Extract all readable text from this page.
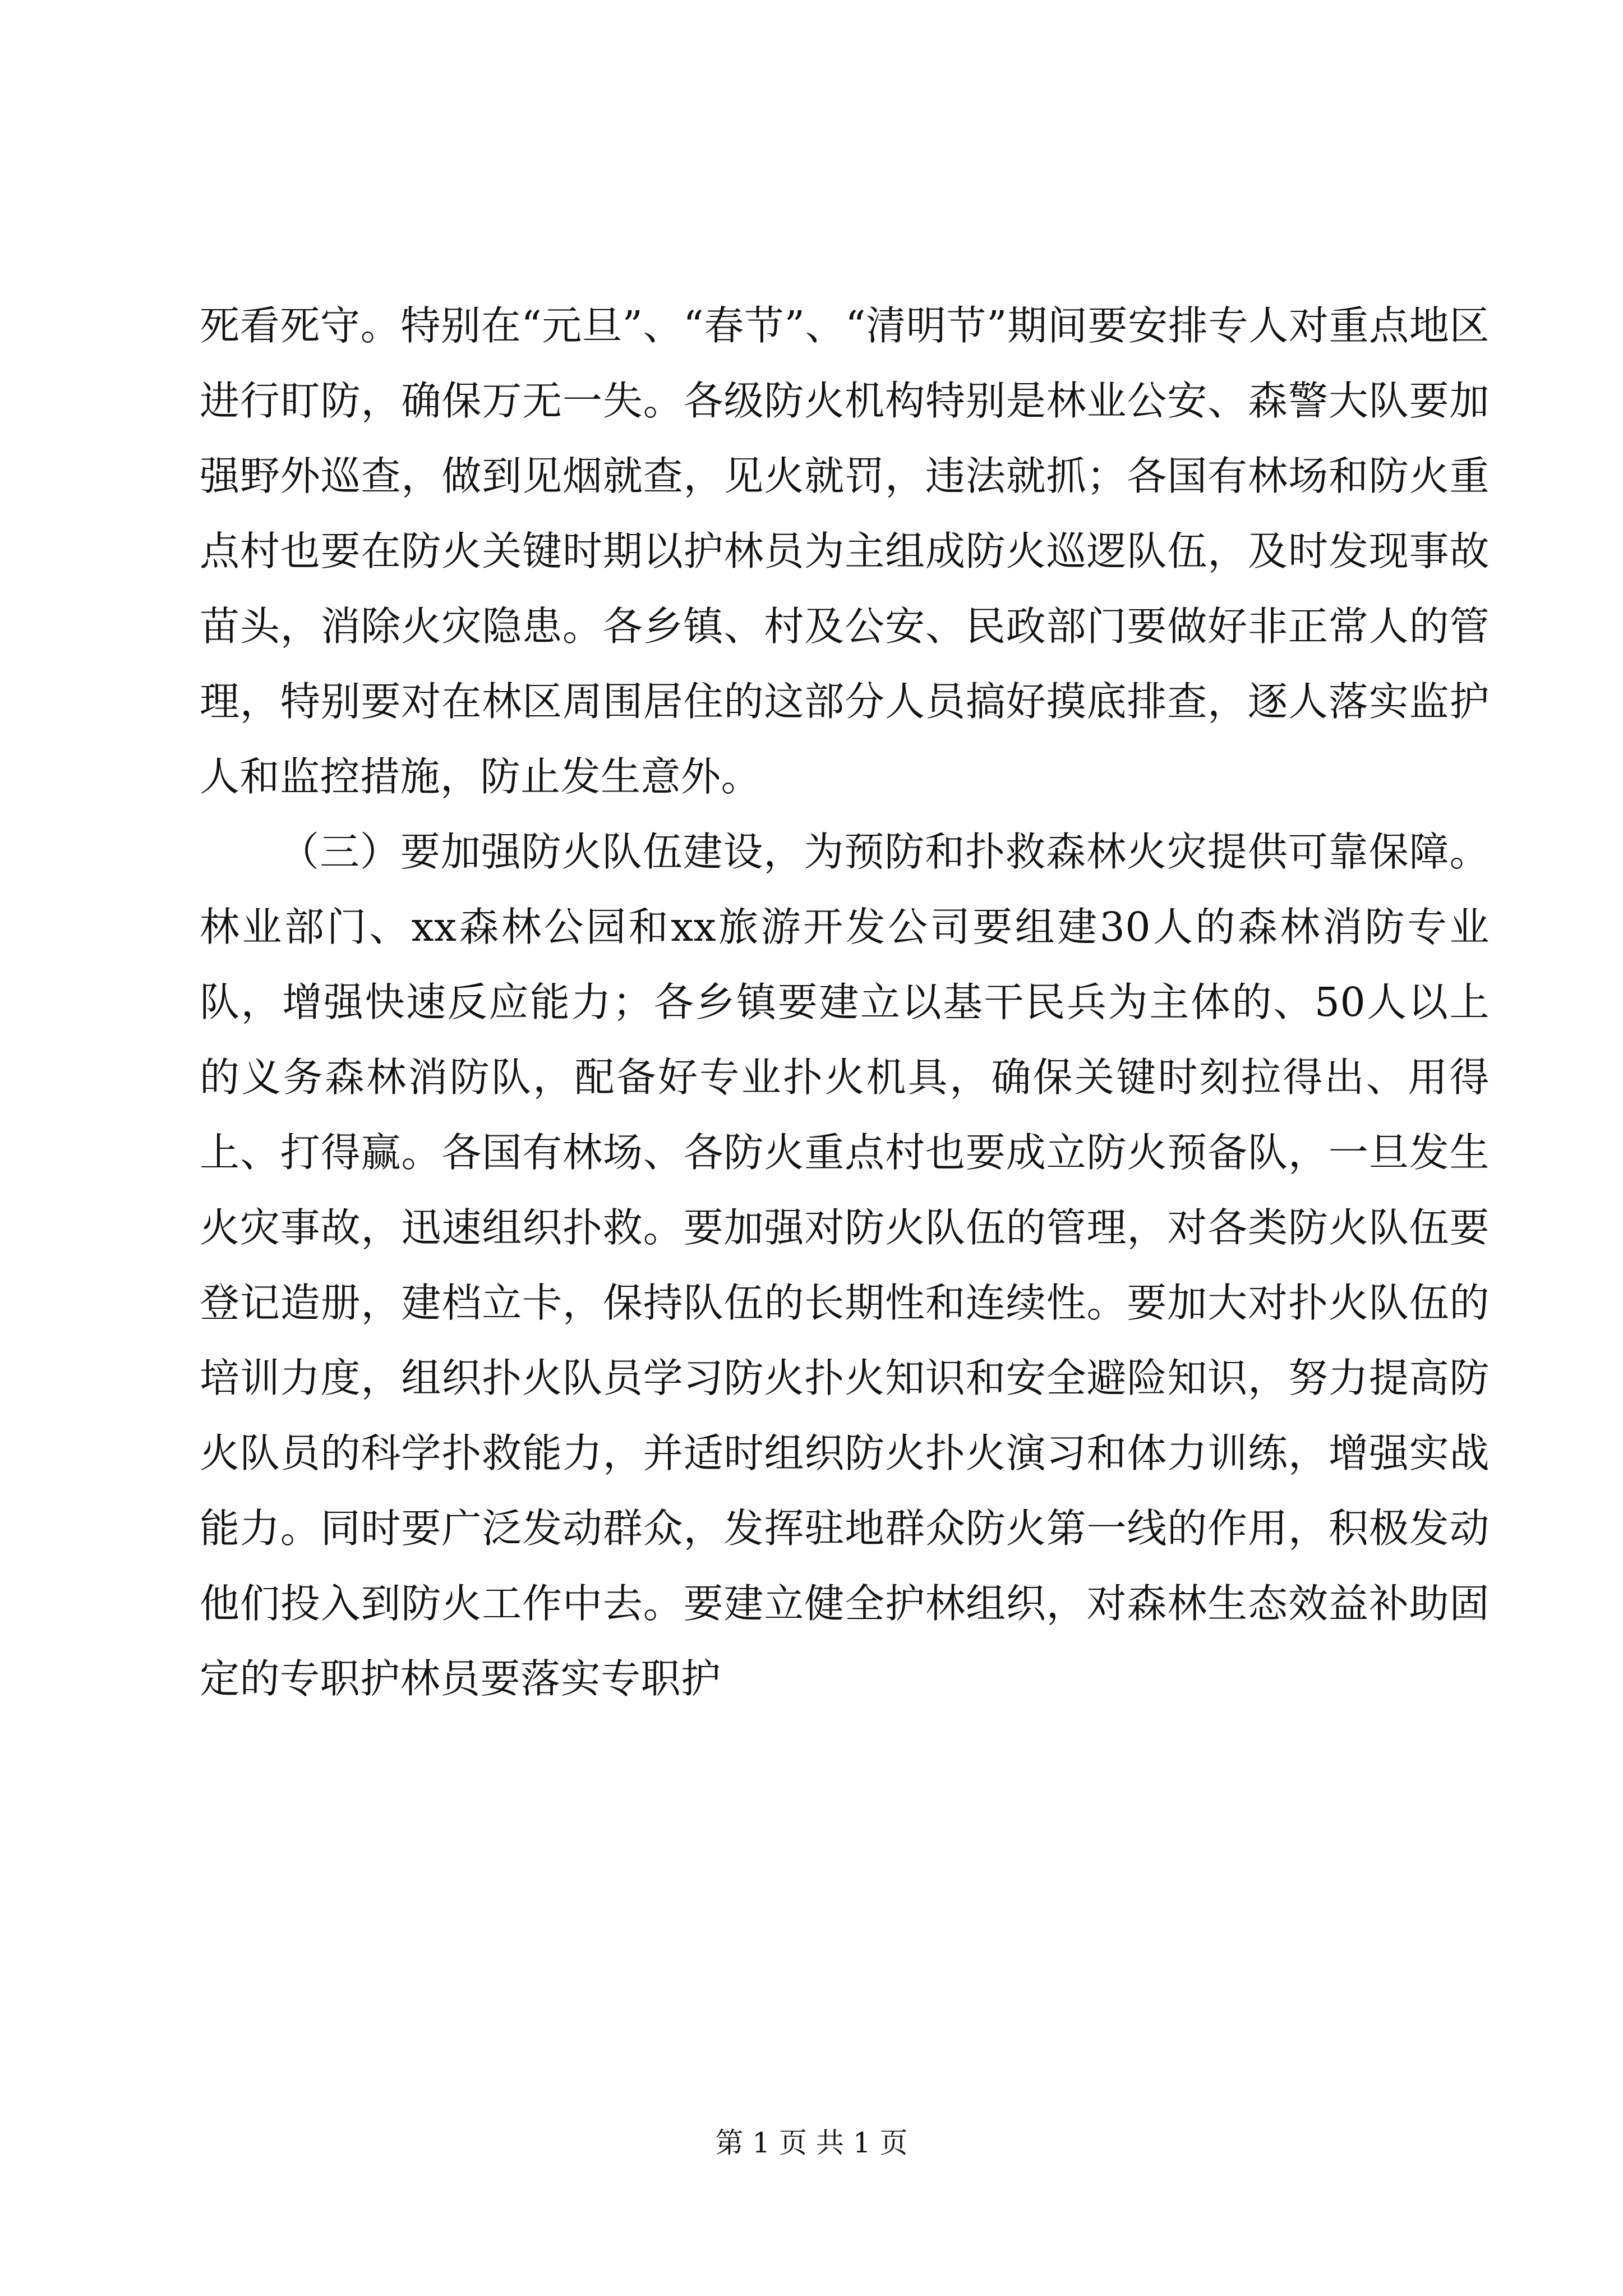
死看死守。特别在“元旦”、“春节”、“清明节”期间要安排专人对重点地区进行盯防，确保万无一失。各级防火机构特别是林业公安、森警大队要加强野外巡查，做到见烟就查，见火就罚，违法就抓；各国有林场和防火重点村也要在防火关键时期以护林员为主组成防火巡逻队伍，及时发现事故苗头，消除火灾隐患。各乡镇、村及公安、民政部门要做好非正常人的管理，特别要对在林区周围居住的这部分人员搞好摸底排查，逐人落实监护人和监控措施，防止发生意外。

（三）要加强防火队伍建设，为预防和扑救森林火灾提供可靠保障。林业部门、xx森林公园和xx旅游开发公司要组建30人的森林消防专业队，增强快速反应能力；各乡镇要建立以基干民兵为主体的、50人以上的义务森林消防队，配备好专业扑火机具，确保关键时刻拉得出、用得上、打得赢。各国有林场、各防火重点村也要成立防火预备队，一旦发生火灾事故，迅速组织扑救。要加强对防火队伍的管理，对各类防火队伍要登记造册，建档立卡，保持队伍的长期性和连续性。要加大对扑火队伍的培训力度，组织扑火队员学习防火扑火知识和安全避险知识，努力提高防火队员的科学扑救能力，并适时组织防火扑火演习和体力训练，增强实战能力。同时要广泛发动群众，发挥驻地群众防火第一线的作用，积极发动他们投入到防火工作中去。要建立健全护林组织，对森林生态效益补助固定的专职护林员要落实专职护

第 1 页 共 1 页
